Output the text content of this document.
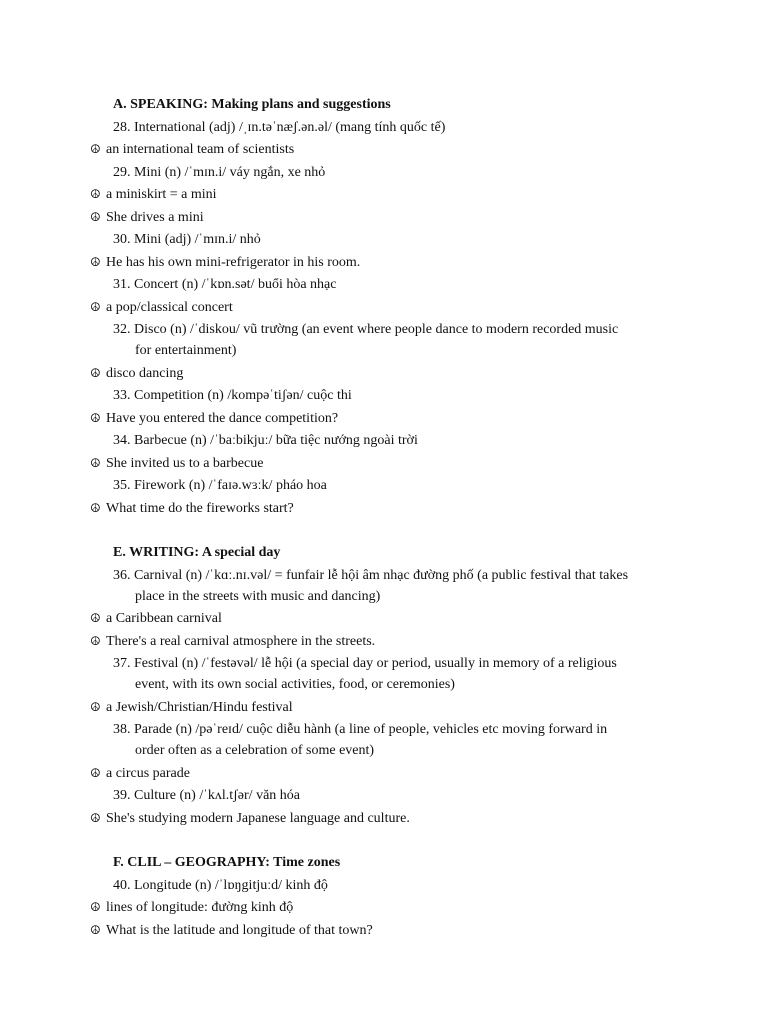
A. SPEAKING: Making plans and suggestions
28. International (adj) /ˌɪn.təˈnæʃ.ən.əl/ (mang tính quốc tế)
☮ an international team of scientists
29. Mini (n) /ˈmɪn.i/ váy ngắn, xe nhỏ
☮ a miniskirt = a mini
☮ She drives a mini
30. Mini (adj) /ˈmɪn.i/ nhỏ
☮ He has his own mini-refrigerator in his room.
31. Concert (n) /ˈkɒn.sət/ buổi hòa nhạc
☮ a pop/classical concert
32. Disco (n) /ˈdiskou/ vũ trường (an event where people dance to modern recorded music
for entertainment)
☮ disco dancing
33. Competition (n) /kompəˈtiʃən/ cuộc thi
☮ Have you entered the dance competition?
34. Barbecue (n) /ˈbaːbikjuː/ bữa tiệc nướng ngoài trời
☮ She invited us to a barbecue
35. Firework (n) /ˈfaɪə.wɜːk/ pháo hoa
☮ What time do the fireworks start?
E. WRITING: A special day
36. Carnival (n) /ˈkɑː.nɪ.vəl/ = funfair lễ hội âm nhạc đường phố (a public festival that takes
place in the streets with music and dancing)
☮ a Caribbean carnival
☮ There's a real carnival atmosphere in the streets.
37. Festival (n) /ˈfestəvəl/ lễ hội (a special day or period, usually in memory of a religious
event, with its own social activities, food, or ceremonies)
☮ a Jewish/Christian/Hindu festival
38. Parade (n) /pəˈreɪd/ cuộc diễu hành (a line of people, vehicles etc moving forward in
order often as a celebration of some event)
☮ a circus parade
39. Culture (n) /ˈkʌl.tʃər/ văn hóa
☮ She's studying modern Japanese language and culture.
F. CLIL – GEOGRAPHY: Time zones
40. Longitude (n) /ˈlɒŋgitjuːd/ kinh độ
☮ lines of longitude: đường kinh độ
☮ What is the latitude and longitude of that town?
